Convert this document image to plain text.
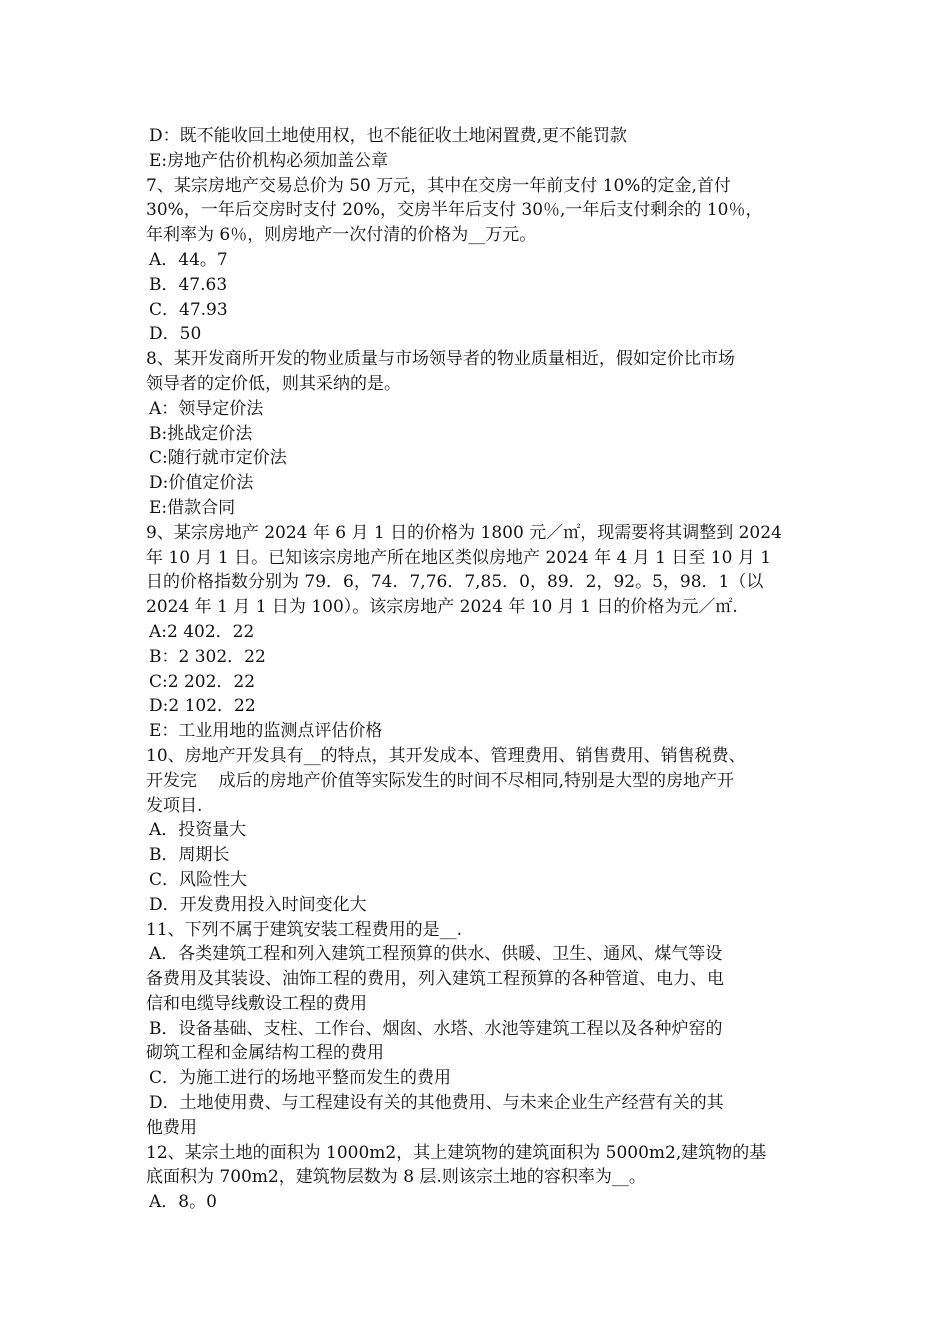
D：既不能收回土地使用权，也不能征收土地闲置费,更不能罚款
E:房地产估价机构必须加盖公章
7、某宗房地产交易总价为 50 万元，其中在交房一年前支付 10%的定金,首付
30%，一年后交房时支付 20%，交房半年后支付 30％,一年后支付剩余的 10％，
年利率为 6％，则房地产一次付清的价格为__万元。
A．44。7
B．47.63
C．47.93
D．50
8、某开发商所开发的物业质量与市场领导者的物业质量相近，假如定价比市场
领导者的定价低，则其采纳的是。
A：领导定价法
B:挑战定价法
C:随行就市定价法
D:价值定价法
E:借款合同
9、某宗房地产 2024 年 6 月 1 日的价格为 1800 元／㎡，现需要将其调整到 2024
年 10 月 1 日。已知该宗房地产所在地区类似房地产 2024 年 4 月 1 日至 10 月 1
日的价格指数分别为 79．6，74．7,76．7,85．0，89．2，92。5，98．1（以
2024 年 1 月 1 日为 100）。该宗房地产 2024 年 10 月 1 日的价格为元／㎡.
A:2 402．22
B：2 302．22
C:2 202．22
D:2 102．22
E：工业用地的监测点评估价格
10、房地产开发具有__的特点，其开发成本、管理费用、销售费用、销售税费、
开发完    成后的房地产价值等实际发生的时间不尽相同,特别是大型的房地产开
发项目.
A．投资量大
B．周期长
C．风险性大
D．开发费用投入时间变化大
11、下列不属于建筑安装工程费用的是__.
A．各类建筑工程和列入建筑工程预算的供水、供暖、卫生、通风、煤气等设
备费用及其装设、油饰工程的费用，列入建筑工程预算的各种管道、电力、电
信和电缆导线敷设工程的费用
B．设备基础、支柱、工作台、烟囱、水塔、水池等建筑工程以及各种炉窑的
砌筑工程和金属结构工程的费用
C．为施工进行的场地平整而发生的费用
D．土地使用费、与工程建设有关的其他费用、与未来企业生产经营有关的其
他费用
12、某宗土地的面积为 1000m2，其上建筑物的建筑面积为 5000m2,建筑物的基
底面积为 700m2，建筑物层数为 8 层.则该宗土地的容积率为__。
A．8。0
